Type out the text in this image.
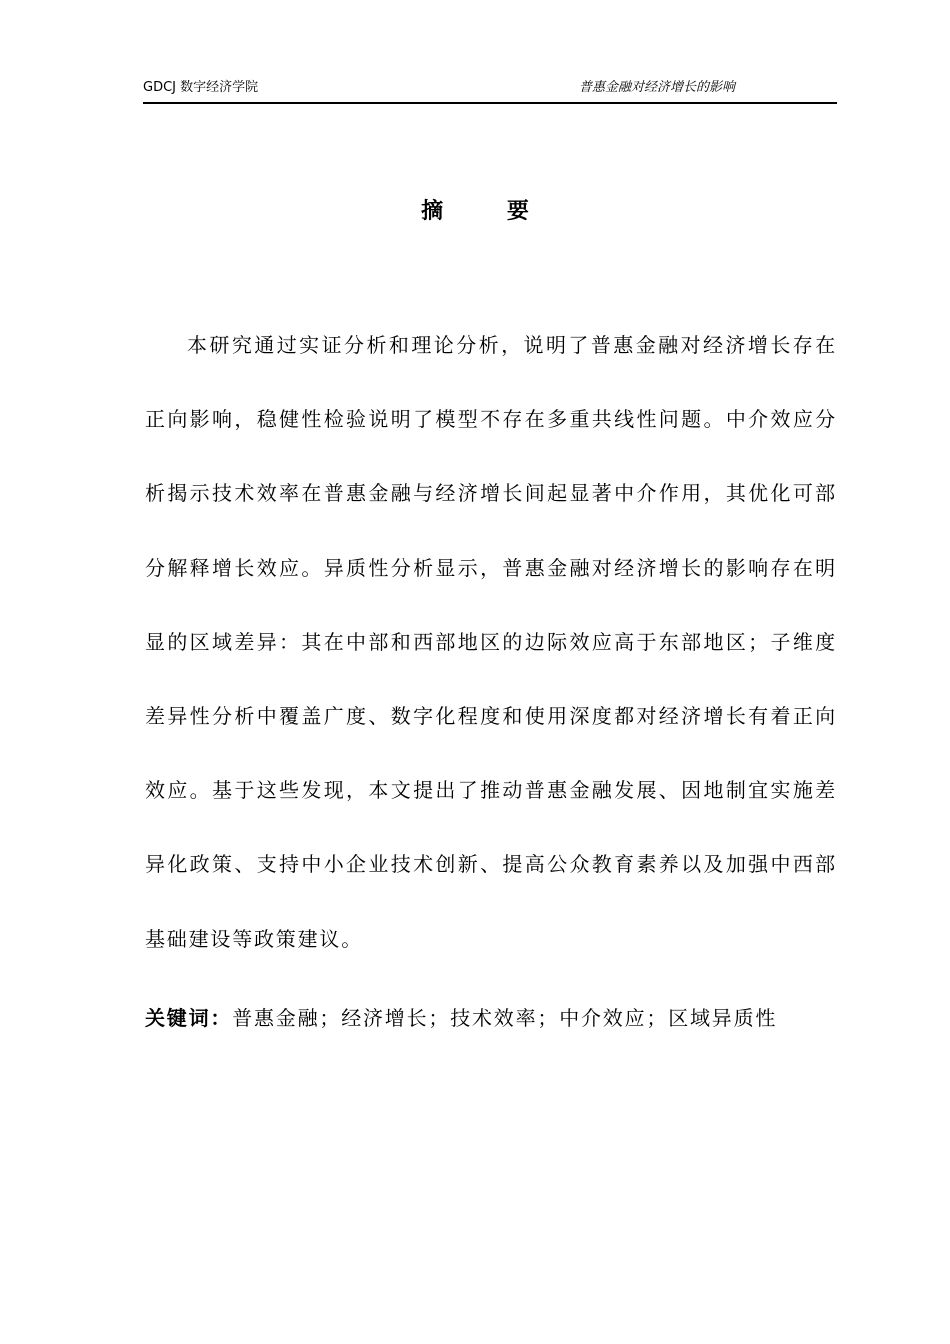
GDCJ 数字经济学院	普惠金融对经济增长的影响
摘 要

本研究通过实证分析和理论分析，说明了普惠金融对经济增长存在正向影响，稳健性检验说明了模型不存在多重共线性问题。中介效应分析揭示技术效率在普惠金融与经济增长间起显著中介作用，其优化可部分解释增长效应。异质性分析显示，普惠金融对经济增长的影响存在明显的区域差异：其在中部和西部地区的边际效应高于东部地区；子维度差异性分析中覆盖广度、数字化程度和使用深度都对经济增长有着正向效应。基于这些发现，本文提出了推动普惠金融发展、因地制宜实施差异化政策、支持中小企业技术创新、提高公众教育素养以及加强中西部基础建设等政策建议。

关键词：普惠金融；经济增长；技术效率；中介效应；区域异质性
